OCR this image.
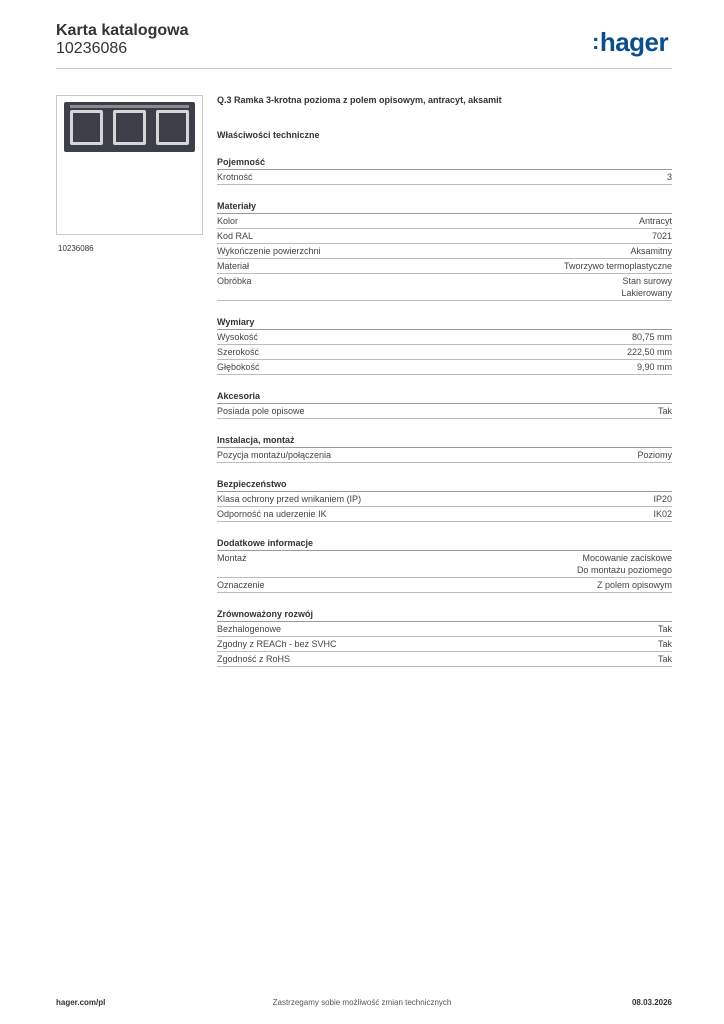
Karta katalogowa
10236086	:hager
10236086
Q.3 Ramka 3-krotna pozioma z polem opisowym, antracyt, aksamit
Właściwości techniczne
Pojemność
Krotność	3
Materiały
Kolor	Antracyt
Kod RAL	7021
Wykończenie powierzchni	Aksamitny
Materiał	Tworzywo termoplastyczne
Obróbka	Stan surowy
Lakierowany
Wymiary
Wysokość	80,75 mm
Szerokość	222,50 mm
Głębokość	9,90 mm
Akcesoria
Posiada pole opisowe	Tak
Instalacja, montaż
Pozycja montażu/połączenia	Poziomy
Bezpieczeństwo
Klasa ochrony przed wnikaniem (IP)	IP20
Odporność na uderzenie IK	IK02
Dodatkowe informacje
Montaż	Mocowanie zaciskowe
Do montażu poziomego
Oznaczenie	Z polem opisowym
Zrównoważony rozwój
Bezhalogenowe	Tak
Zgodny z REACh - bez SVHC	Tak
Zgodność z RoHS	Tak
hager.com/pl	Zastrzegamy sobie możliwość zmian technicznych	08.03.2026
